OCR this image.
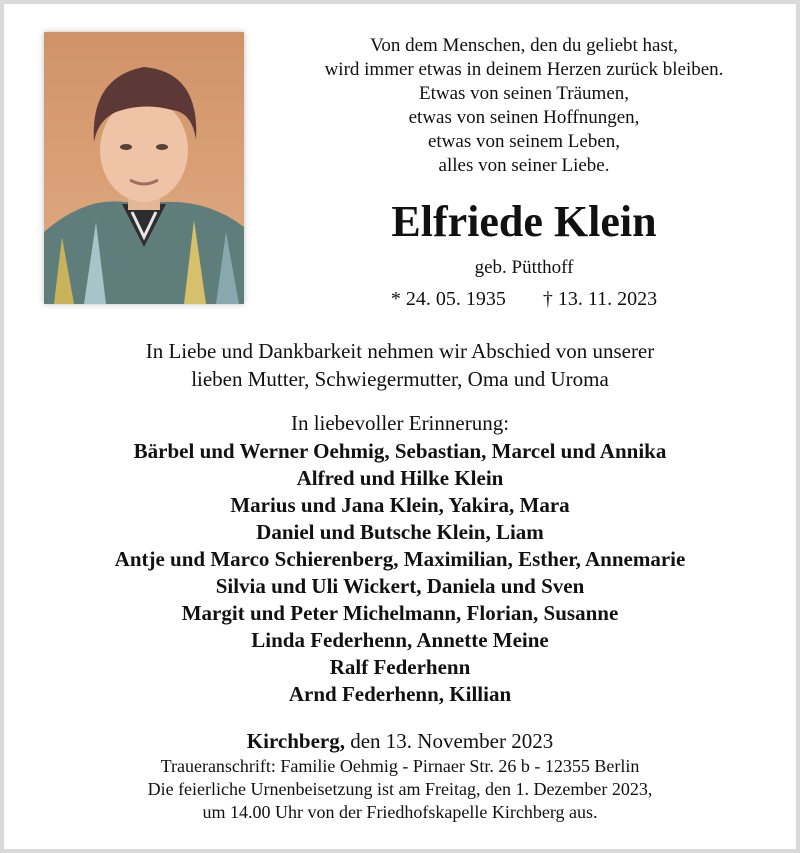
Von dem Menschen, den du geliebt hast,
wird immer etwas in deinem Herzen zurück bleiben.
Etwas von seinen Träumen,
etwas von seinen Hoffnungen,
etwas von seinem Leben,
alles von seiner Liebe.
Elfriede Klein
geb. Pütthoff
* 24. 05. 1935 † 13. 11. 2023
In Liebe und Dankbarkeit nehmen wir Abschied von unserer
lieben Mutter, Schwiegermutter, Oma und Uroma
In liebevoller Erinnerung:
Bärbel und Werner Oehmig, Sebastian, Marcel und Annika
Alfred und Hilke Klein
Marius und Jana Klein, Yakira, Mara
Daniel und Butsche Klein, Liam
Antje und Marco Schierenberg, Maximilian, Esther, Annemarie
Silvia und Uli Wickert, Daniela und Sven
Margit und Peter Michelmann, Florian, Susanne
Linda Federhenn, Annette Meine
Ralf Federhenn
Arnd Federhenn, Killian
Kirchberg, den 13. November 2023
Traueranschrift: Familie Oehmig - Pirnaer Str. 26 b - 12355 Berlin
Die feierliche Urnenbeisetzung ist am Freitag, den 1. Dezember 2023,
um 14.00 Uhr von der Friedhofskapelle Kirchberg aus.
